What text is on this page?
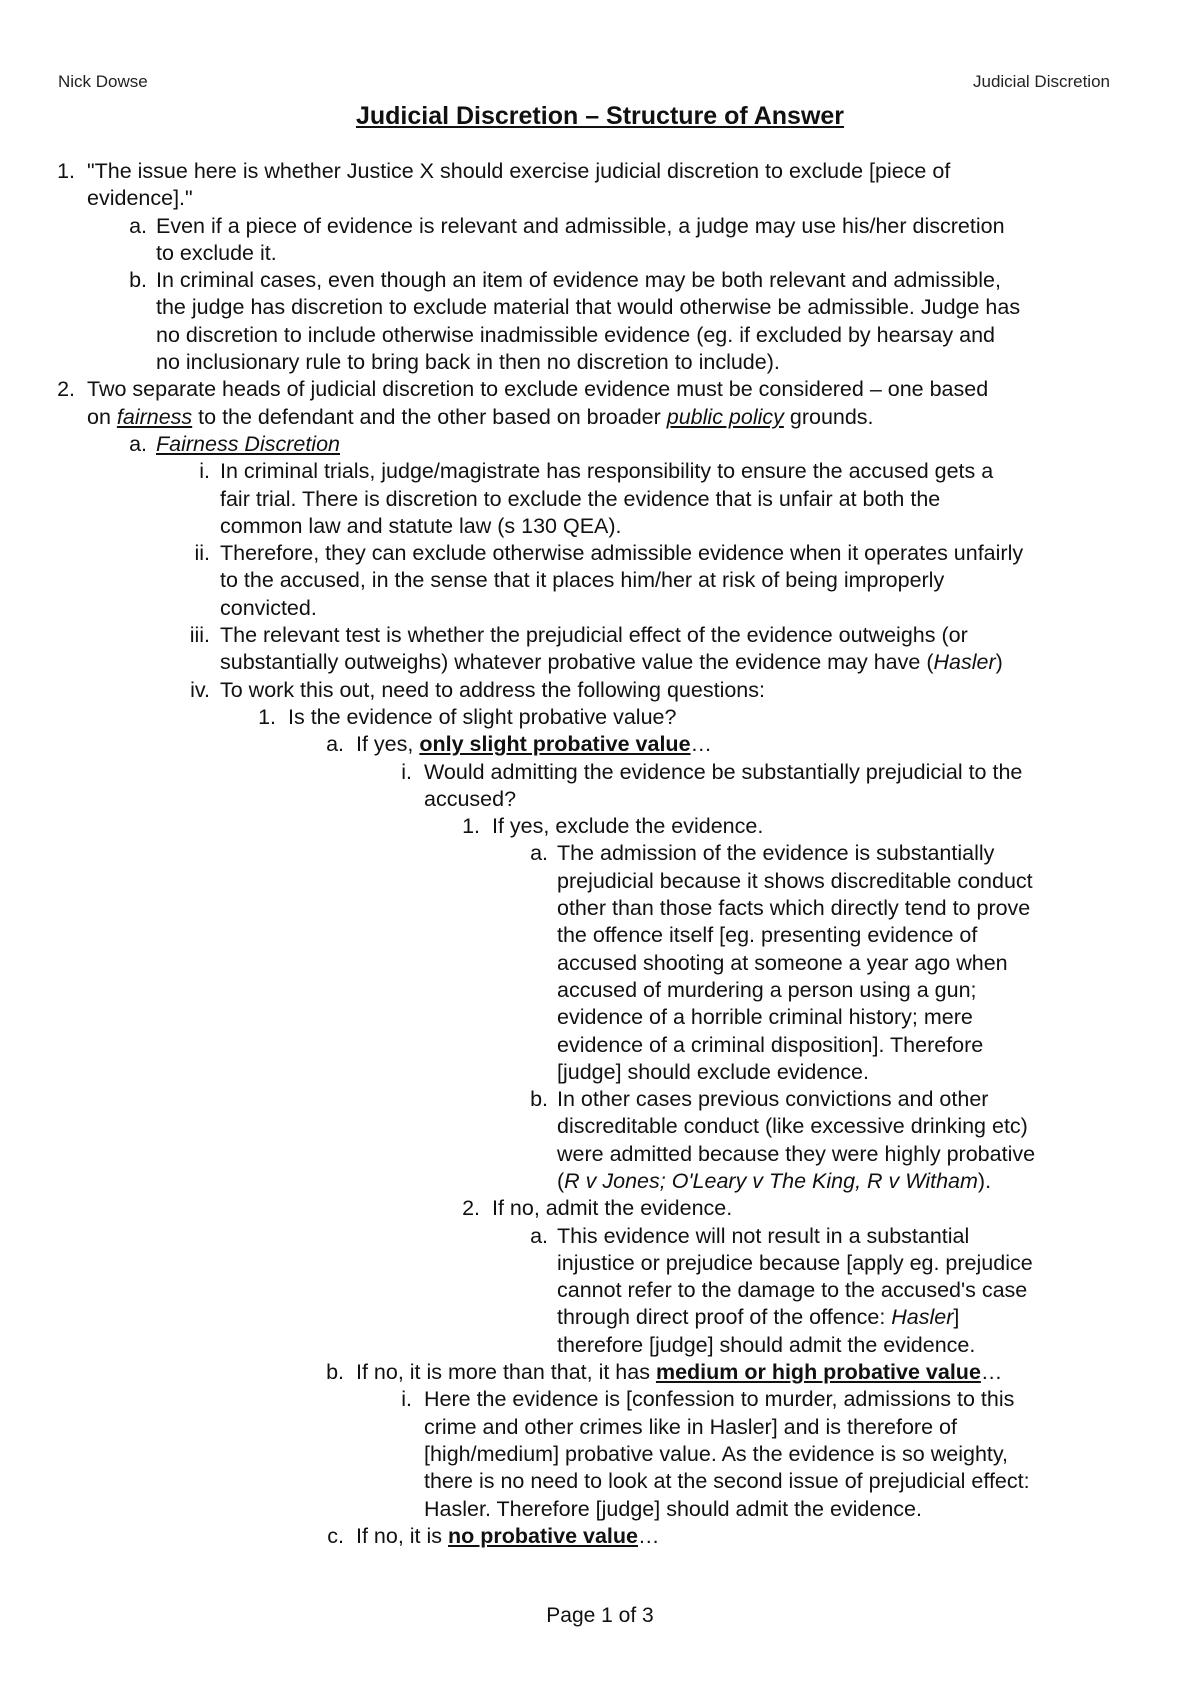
Nick Dowse	Judicial Discretion
Judicial Discretion – Structure of Answer
1. "The issue here is whether Justice X should exercise judicial discretion to exclude [piece of
evidence]."
a. Even if a piece of evidence is relevant and admissible, a judge may use his/her discretion
to exclude it.
b. In criminal cases, even though an item of evidence may be both relevant and admissible,
the judge has discretion to exclude material that would otherwise be admissible. Judge has
no discretion to include otherwise inadmissible evidence (eg. if excluded by hearsay and
no inclusionary rule to bring back in then no discretion to include).
2. Two separate heads of judicial discretion to exclude evidence must be considered – one based
on fairness to the defendant and the other based on broader public policy grounds.
a. Fairness Discretion
i. In criminal trials, judge/magistrate has responsibility to ensure the accused gets a
fair trial. There is discretion to exclude the evidence that is unfair at both the
common law and statute law (s 130 QEA).
ii. Therefore, they can exclude otherwise admissible evidence when it operates unfairly
to the accused, in the sense that it places him/her at risk of being improperly
convicted.
iii. The relevant test is whether the prejudicial effect of the evidence outweighs (or
substantially outweighs) whatever probative value the evidence may have (Hasler)
iv. To work this out, need to address the following questions:
1. Is the evidence of slight probative value?
a. If yes, only slight probative value…
i. Would admitting the evidence be substantially prejudicial to the
accused?
1. If yes, exclude the evidence.
a. The admission of the evidence is substantially
prejudicial because it shows discreditable conduct
other than those facts which directly tend to prove
the offence itself [eg. presenting evidence of
accused shooting at someone a year ago when
accused of murdering a person using a gun;
evidence of a horrible criminal history; mere
evidence of a criminal disposition]. Therefore
[judge] should exclude evidence.
b. In other cases previous convictions and other
discreditable conduct (like excessive drinking etc)
were admitted because they were highly probative
(R v Jones; O'Leary v The King, R v Witham).
2. If no, admit the evidence.
a. This evidence will not result in a substantial
injustice or prejudice because [apply eg. prejudice
cannot refer to the damage to the accused's case
through direct proof of the offence: Hasler]
therefore [judge] should admit the evidence.
b. If no, it is more than that, it has medium or high probative value…
i. Here the evidence is [confession to murder, admissions to this
crime and other crimes like in Hasler] and is therefore of
[high/medium] probative value. As the evidence is so weighty,
there is no need to look at the second issue of prejudicial effect:
Hasler. Therefore [judge] should admit the evidence.
c. If no, it is no probative value…
Page 1 of 3
